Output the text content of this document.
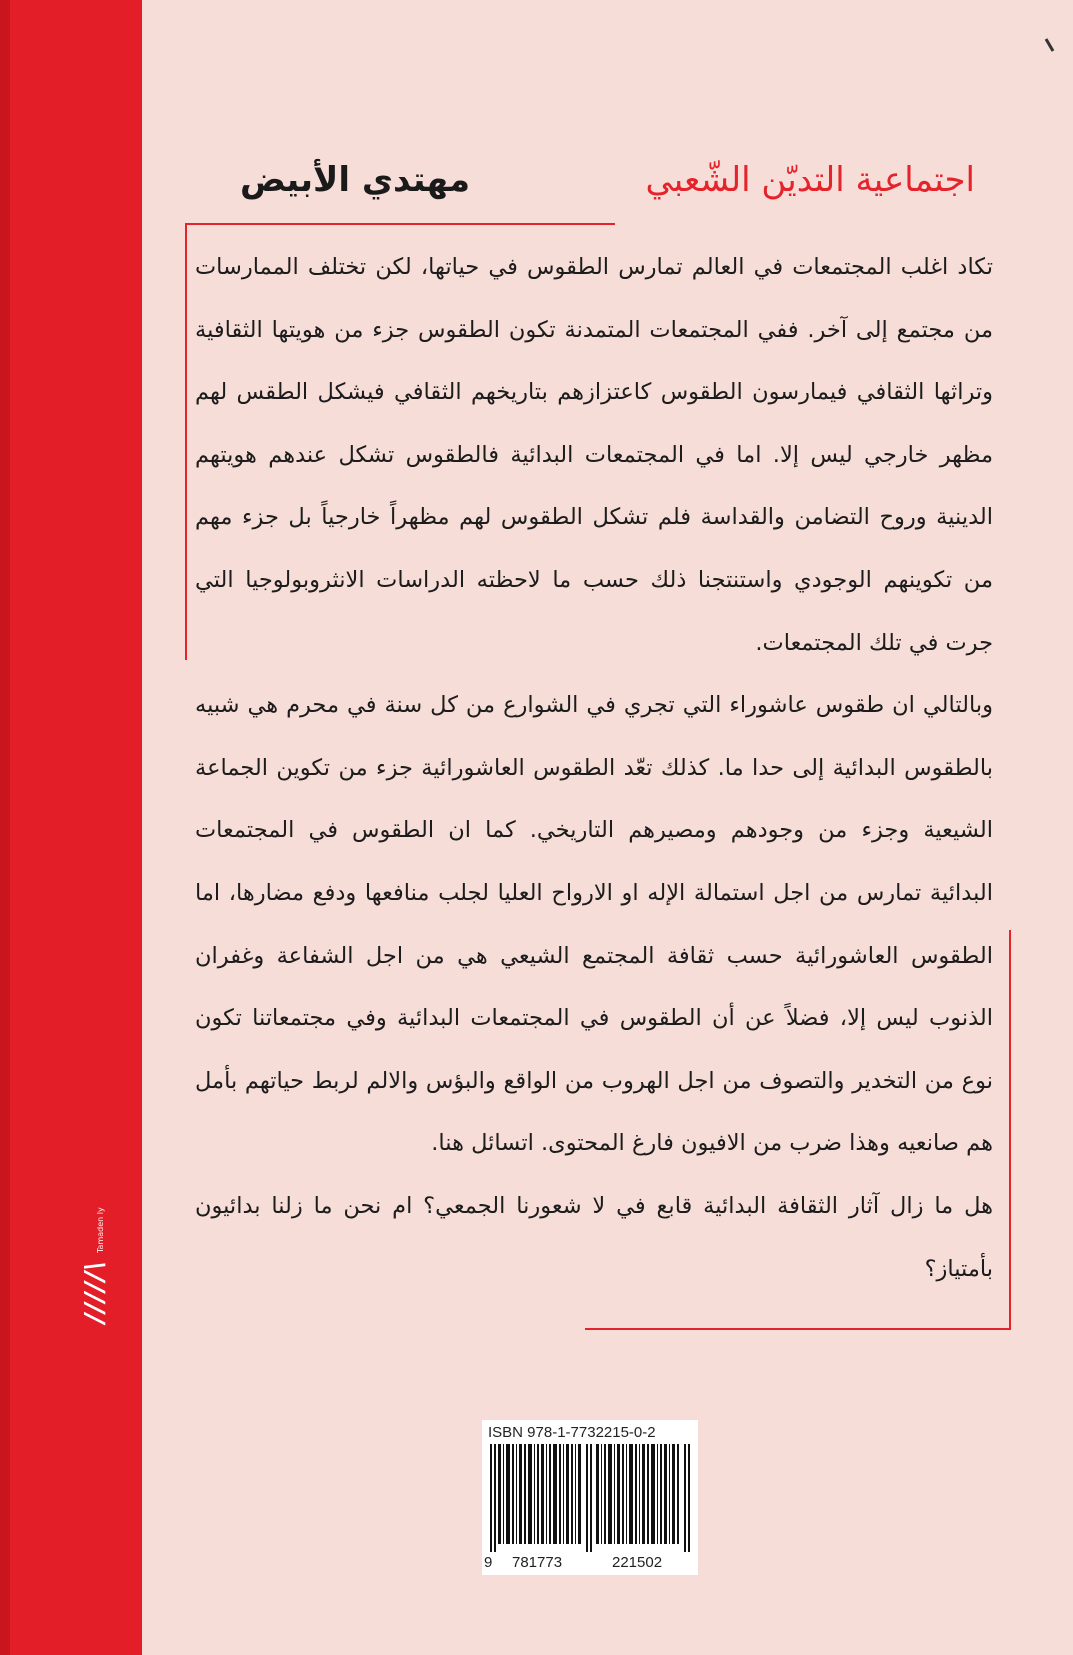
/////\
Tamaden ly
اجتماعية التديّن الشّعبي
مهتدي الأبيض

تكاد اغلب المجتمعات في العالم تمارس الطقوس في حياتها، لكن تختلف الممارسات من مجتمع إلى آخر. ففي المجتمعات المتمدنة تكون الطقوس جزء من هويتها الثقافية وتراثها الثقافي فيمارسون الطقوس كاعتزازهم بتاريخهم الثقافي فيشكل الطقس لهم مظهر خارجي ليس إلا. اما في المجتمعات البدائية فالطقوس تشكل عندهم هويتهم الدينية وروح التضامن والقداسة فلم تشكل الطقوس لهم مظهراً خارجياً بل جزء مهم من تكوينهم الوجودي واستنتجنا ذلك حسب ما لاحظته الدراسات الانثروبولوجيا التي جرت في تلك المجتمعات.

وبالتالي ان طقوس عاشوراء التي تجري في الشوارع من كل سنة في محرم هي شبيه بالطقوس البدائية إلى حدا ما. كذلك تعّد الطقوس العاشورائية جزء من تكوين الجماعة الشيعية وجزء من وجودهم ومصيرهم التاريخي. كما ان الطقوس في المجتمعات البدائية تمارس من اجل استمالة الإله او الارواح العليا لجلب منافعها ودفع مضارها، اما الطقوس العاشورائية حسب ثقافة المجتمع الشيعي هي من اجل الشفاعة وغفران الذنوب ليس إلا، فضلاً عن أن الطقوس في المجتمعات البدائية وفي مجتمعاتنا تكون نوع من التخدير والتصوف من اجل الهروب من الواقع والبؤس والالم لربط حياتهم بأمل هم صانعيه وهذا ضرب من الافيون فارغ المحتوى. اتسائل هنا.

هل ما زال آثار الثقافة البدائية قابع في لا شعورنا الجمعي؟ ام نحن ما زلنا بدائيون بأمتياز؟

ISBN 978-1-7732215-0-2
9 781773	221502
